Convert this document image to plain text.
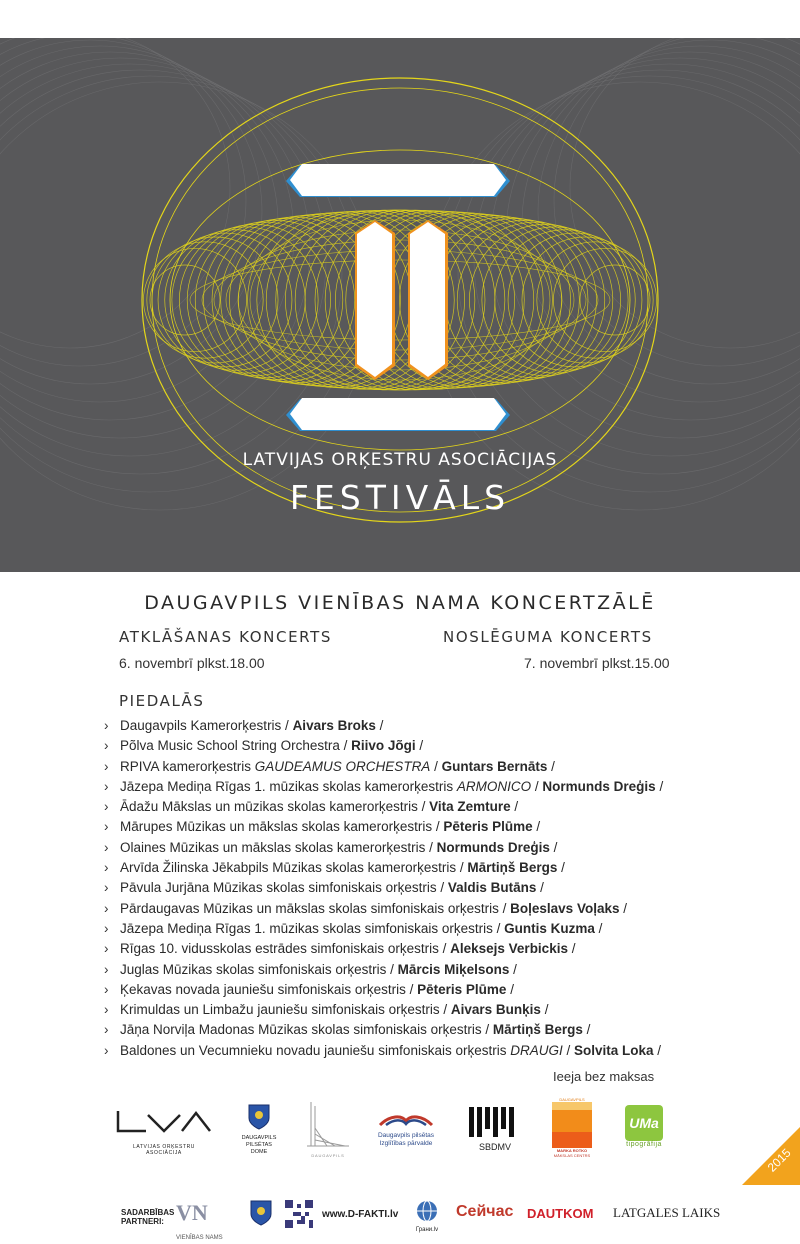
LATVIJAS ORĶESTRU ASOCIĀCIJAS
FESTIVĀLS
DAUGAVPILS VIENĪBAS NAMA KONCERTZĀLĒ
ATKLĀŠANAS KONCERTS
6. novembrī plkst.18.00
NOSLĒGUMA KONCERTS
7. novembrī plkst.15.00
PIEDALĀS
› Daugavpils Kamerorķestris / Aivars Broks /
› Põlva Music School String Orchestra / Riivo Jõgi /
› RPIVA kamerorķestris GAUDEAMUS ORCHESTRA / Guntars Bernāts /
› Jāzepa Mediņa Rīgas 1. mūzikas skolas kamerorķestris ARMONICO / Normunds Dreģis /
› Ādažu Mākslas un mūzikas skolas kamerorķestris / Vita Zemture /
› Mārupes Mūzikas un mākslas skolas kamerorķestris / Pēteris Plūme /
› Olaines Mūzikas un mākslas skolas kamerorķestris / Normunds Dreģis /
› Arvīda Žilinska Jēkabpils Mūzikas skolas kamerorķestris / Mārtiņš Bergs /
› Pāvula Jurjāna Mūzikas skolas simfoniskais orķestris / Valdis Butāns /
› Pārdaugavas Mūzikas un mākslas skolas simfoniskais orķestris / Boļeslavs Voļaks /
› Jāzepa Mediņa Rīgas 1. mūzikas skolas simfoniskais orķestris / Guntis Kuzma /
› Rīgas 10. vidusskolas estrādes simfoniskais orķestris / Aleksejs Verbickis /
› Juglas Mūzikas skolas simfoniskais orķestris / Mārcis Miķelsons /
› Ķekavas novada jauniešu simfoniskais orķestris / Pēteris Plūme /
› Krimuldas un Limbažu jauniešu simfoniskais orķestris / Aivars Bunķis /
› Jāņa Norviļa Madonas Mūzikas skolas simfoniskais orķestris / Mārtiņš Bergs /
› Baldones un Vecumnieku novadu jauniešu simfoniskais orķestris DRAUGI / Solvita Loka /
Ieeja bez maksas
2015
LATVIJAS ORĶESTRU ASOCIĀCIJA
DAUGAVPILS
PILSĒTAS
DOME
DAUGAVPILS
Daugavpils pilsētas
Izglītības pārvalde	SBDMV
DAUGAVPILS
MARKA ROTKO
MĀKSLAS CENTRS
UMa
tipogrāfija
SADARBĪBAS
PARTNERI: VN VIENĪBAS NAMS
www.D-FAKTI.lv
Грани.lv
Сейчас DAUTKOM LATGALES LAIKS
